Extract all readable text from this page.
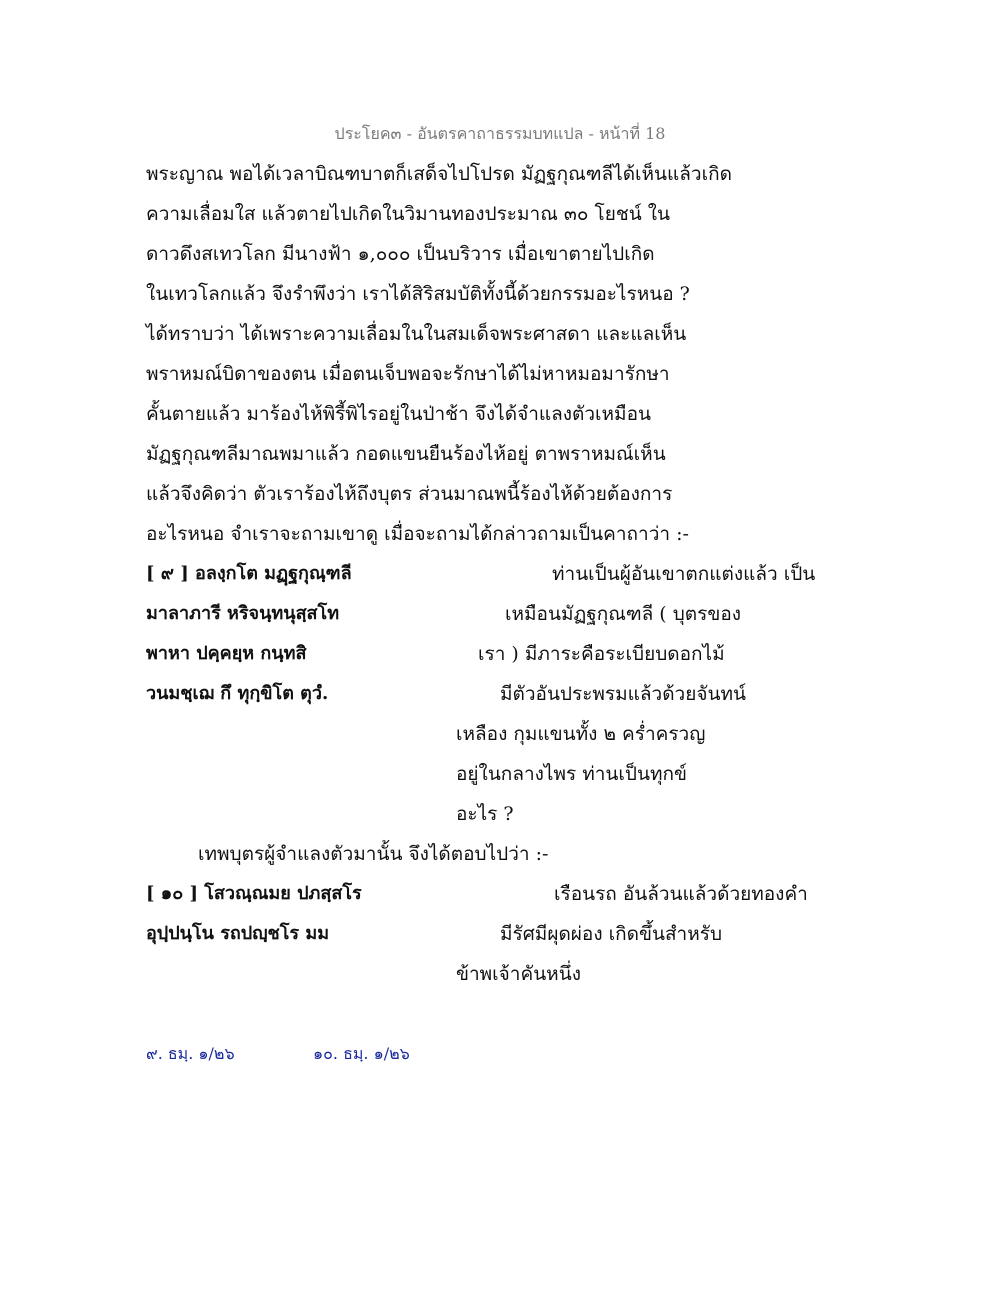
ประโยค๓ - อันตรคาถาธรรมบทแปล - หน้าที่ 18
พระญาณ พอได้เวลาบิณฑบาตก็เสด็จไปโปรด มัฏฐกุณฑลีได้เห็นแล้วเกิด
ความเลื่อมใส แล้วตายไปเกิดในวิมานทองประมาณ ๓๐ โยชน์ ใน
ดาวดึงสเทวโลก มีนางฟ้า ๑,๐๐๐ เป็นบริวาร เมื่อเขาตายไปเกิด
ในเทวโลกแล้ว จึงรำพึงว่า เราได้สิริสมบัติทั้งนี้ด้วยกรรมอะไรหนอ ?
ได้ทราบว่า ได้เพราะความเลื่อมในในสมเด็จพระศาสดา และแลเห็น
พราหมณ์บิดาของตน เมื่อตนเจ็บพอจะรักษาได้ไม่หาหมอมารักษา
คั้นตายแล้ว มาร้องไห้พิรี้พิไรอยู่ในป่าช้า จึงได้จำแลงตัวเหมือน
มัฏฐกุณฑลีมาณพมาแล้ว กอดแขนยืนร้องไห้อยู่ ตาพราหมณ์เห็น
แล้วจึงคิดว่า ตัวเราร้องไห้ถึงบุตร ส่วนมาณพนี้ร้องไห้ด้วยต้องการ
อะไรหนอ จำเราจะถามเขาดู เมื่อจะถามได้กล่าวถามเป็นคาถาว่า :-
[ ๙ ] อลงฺกโต มฏฺฐกุณฺฑลี
มาลาภารี หริจนฺทนุสฺสโท
พาหา ปคฺคยฺห กนฺทสิ
วนมชฺเฌ กึ ทุกฺขิโต ตุวํ.
ท่านเป็นผู้อันเขาตกแต่งแล้ว เป็น
เหมือนมัฏฐกุณฑลี ( บุตรของ
เรา ) มีภาระคือระเบียบดอกไม้
มีตัวอันประพรมแล้วด้วยจันทน์
เหลือง กุมแขนทั้ง ๒ คร่ำครวญ
อยู่ในกลางไพร ท่านเป็นทุกข์
อะไร ?
เทพบุตรผู้จำแลงตัวมานั้น จึงได้ตอบไปว่า :-
[ ๑๐ ] โสวณฺณมย ปภสฺสโร
อุปฺปนฺโน รถปญฺชโร มม
เรือนรถ อันล้วนแล้วด้วยทองคำ
มีรัศมีผุดผ่อง เกิดขึ้นสำหรับ
ข้าพเจ้าคันหนึ่ง
๙. ธมฺ. ๑/๒๖	๑๐. ธมฺ. ๑/๒๖
